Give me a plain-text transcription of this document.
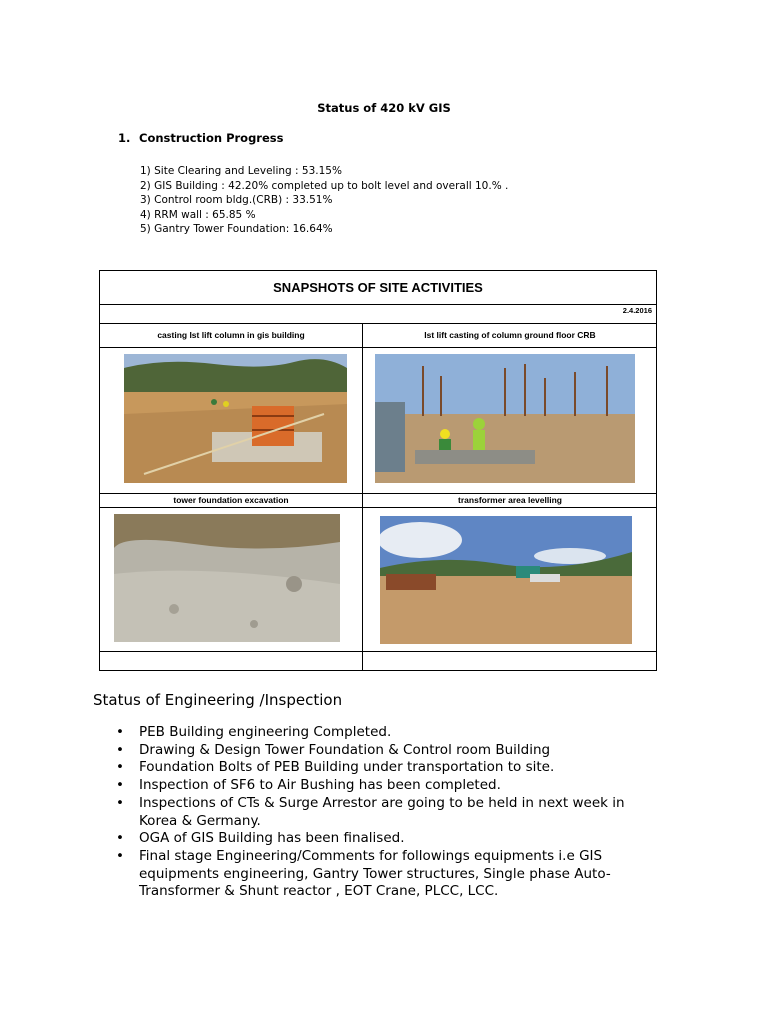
Status of 420 kV GIS
1. Construction Progress
1) Site Clearing and Leveling : 53.15%
2) GIS Building : 42.20% completed up to bolt level and overall 10.% .
3) Control room bldg.(CRB) : 33.51%
4) RRM wall : 65.85 %
5) Gantry Tower Foundation: 16.64%
SNAPSHOTS OF SITE ACTIVITIES
2.4.2016
casting Ist lift column in gis building	Ist lift casting of column ground floor CRB
tower foundation excavation	transformer area levelling
Status of Engineering /Inspection
• PEB Building engineering Completed.
• Drawing & Design Tower Foundation & Control room Building
• Foundation Bolts of PEB Building under transportation to site.
• Inspection of SF6 to Air Bushing has been completed.
• Inspections of CTs & Surge Arrestor are going to be held in next week in
Korea & Germany.
• OGA of GIS Building has been finalised.
• Final stage Engineering/Comments for followings equipments i.e GIS
equipments engineering, Gantry Tower structures, Single phase Auto-
Transformer & Shunt reactor , EOT Crane, PLCC, LCC.
